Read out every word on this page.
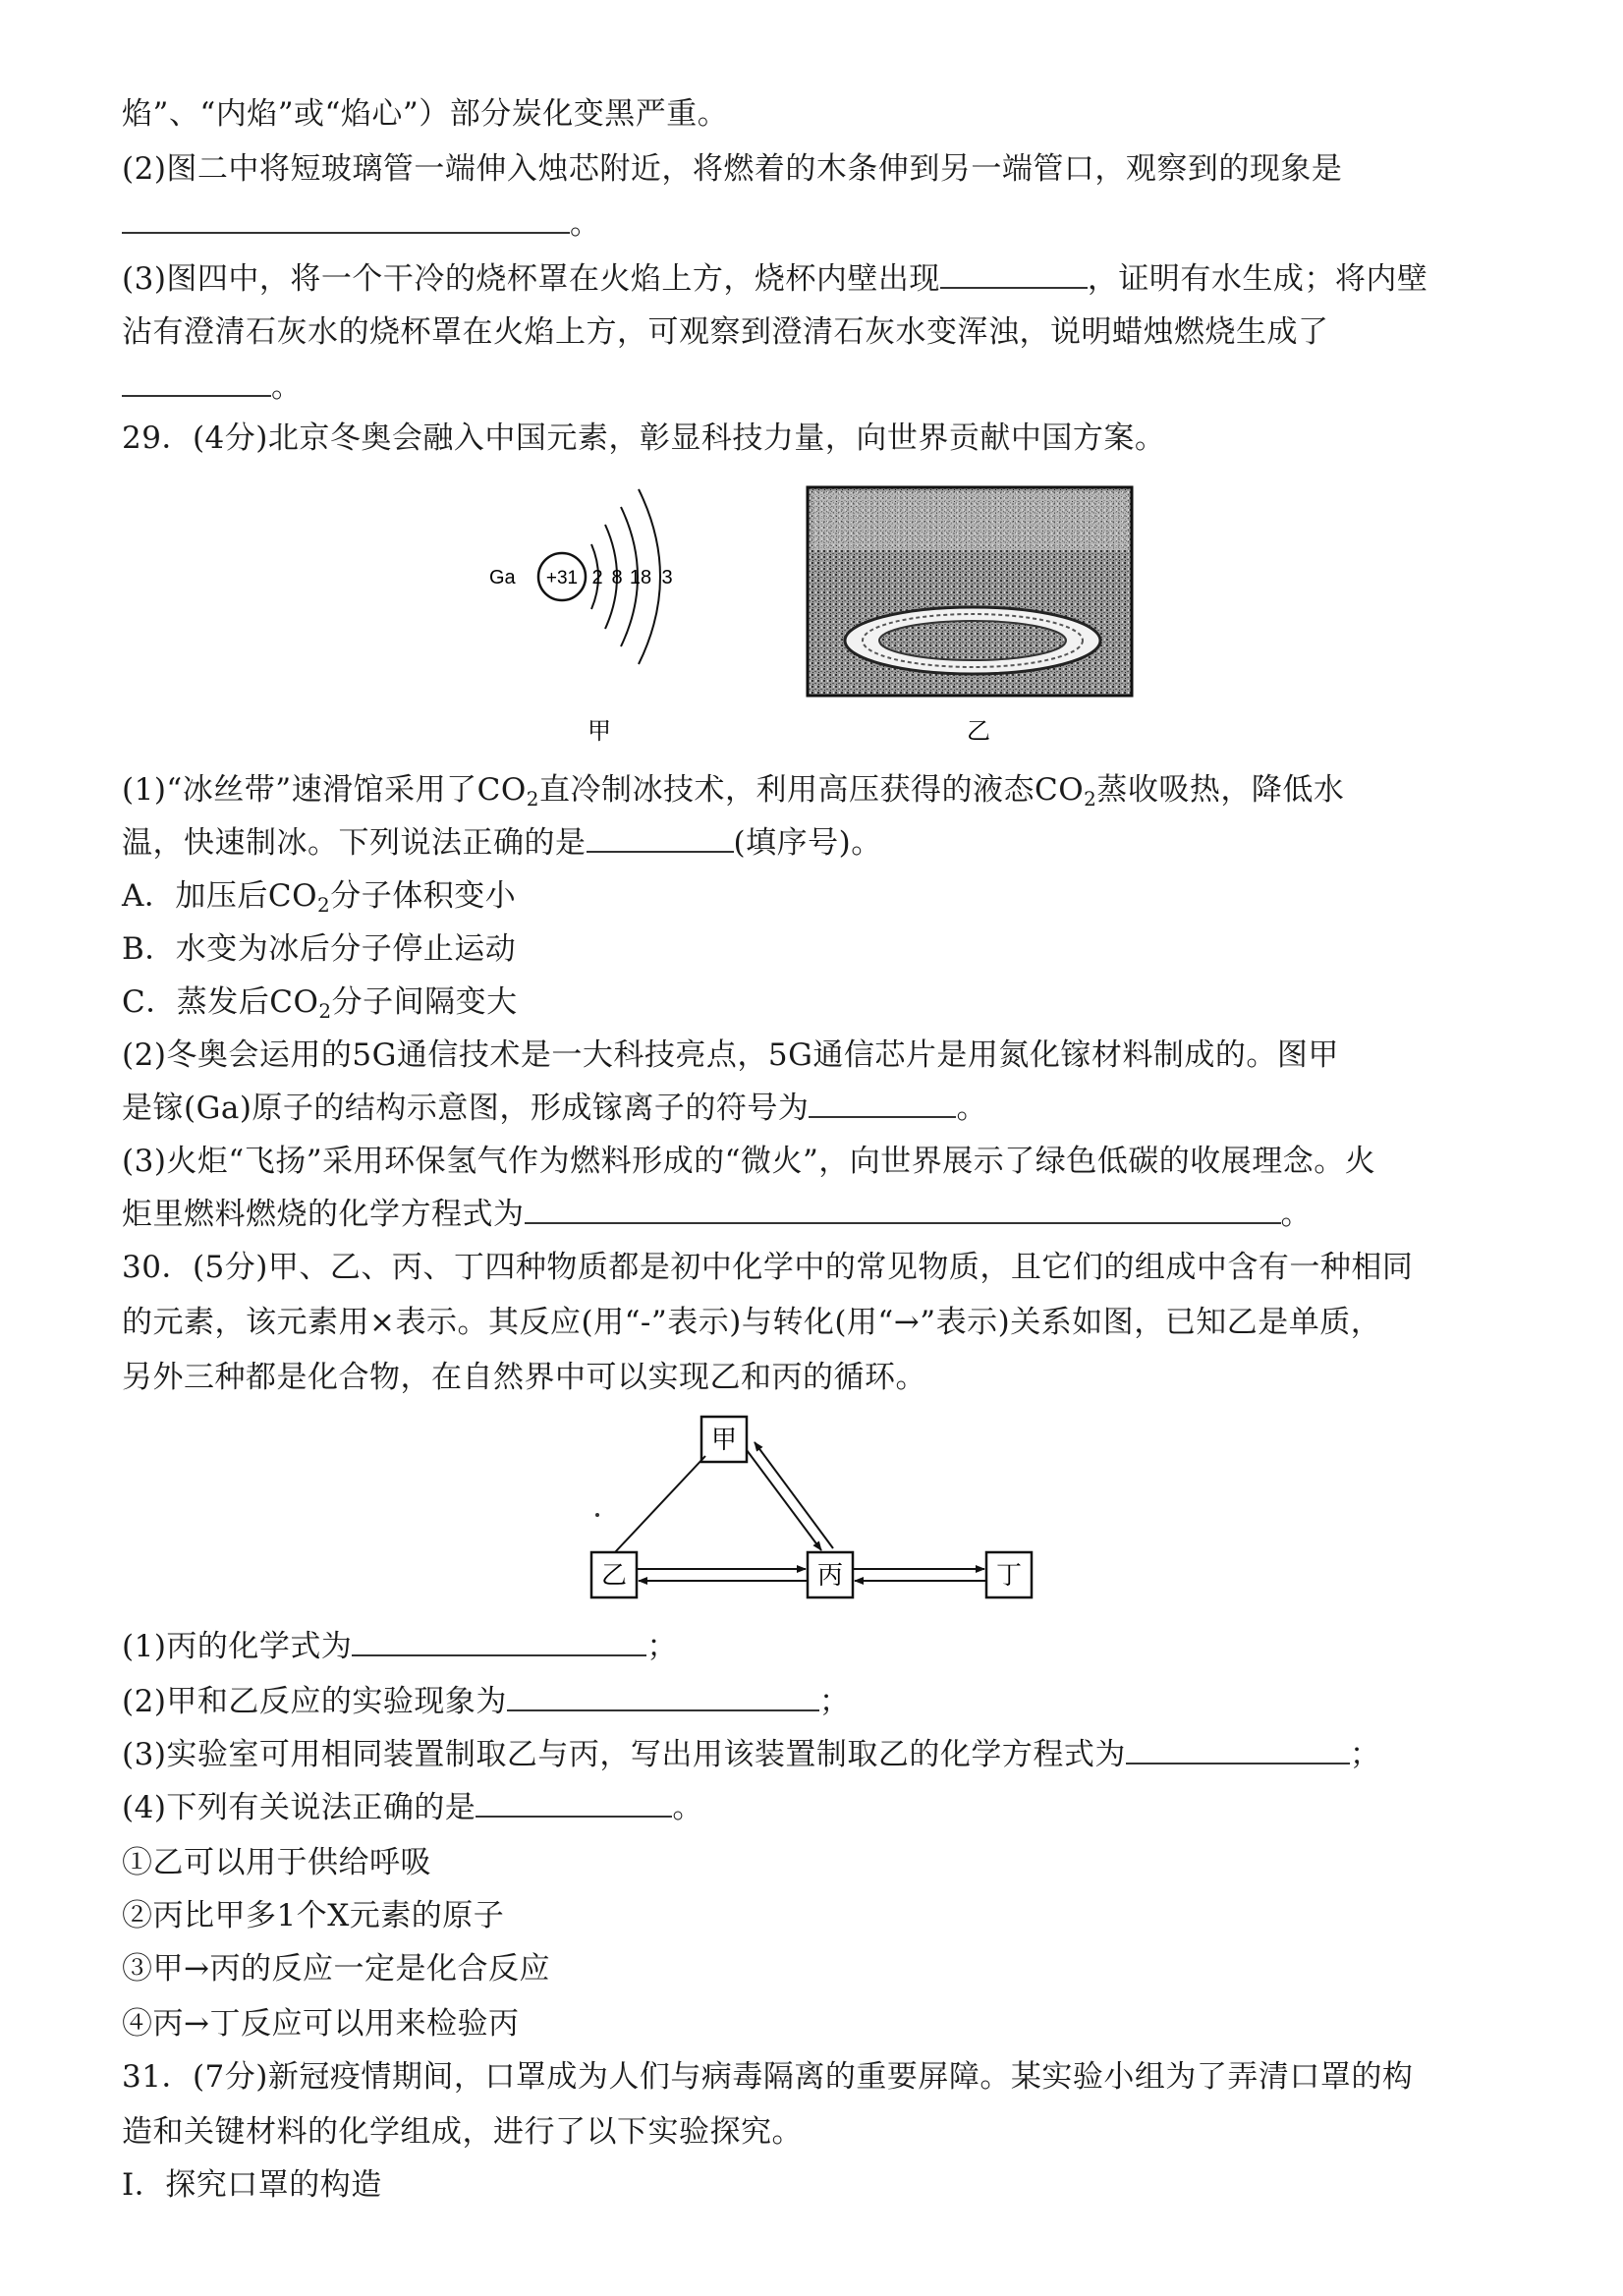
焰”、“内焰”或“焰心”）部分炭化变黑严重。
(2)图二中将短玻璃管一端伸入烛芯附近，将燃着的木条伸到另一端管口，观察到的现象是
。
(3)图四中，将一个干冷的烧杯罩在火焰上方，烧杯内壁出现	，证明有水生成；将内壁
沾有澄清石灰水的烧杯罩在火焰上方，可观察到澄清石灰水变浑浊，说明蜡烛燃烧生成了
。
29．(4分)北京冬奥会融入中国元素，彰显科技力量，向世界贡献中国方案。
Ga +31 2 8 18 3
甲	乙
(1)“冰丝带”速滑馆采用了$CO_2$直冷制冰技术，利用高压获得的液态$CO_2$蒸收吸热，降低水
温，快速制冰。下列说法正确的是	(填序号)。
A．加压后$CO_2$分子体积变小
B．水变为冰后分子停止运动
C．蒸发后$CO_2$分子间隔变大
(2)冬奥会运用的5G通信技术是一大科技亮点，5G通信芯片是用氮化镓材料制成的。图甲
是镓(Ga)原子的结构示意图，形成镓离子的符号为	。
(3)火炬“飞扬”采用环保氢气作为燃料形成的“微火”，向世界展示了绿色低碳的收展理念。火
炬里燃料燃烧的化学方程式为	。
30．(5分)甲、乙、丙、丁四种物质都是初中化学中的常见物质，且它们的组成中含有一种相同
的元素，该元素用×表示。其反应(用“-”表示)与转化(用“→”表示)关系如图，已知乙是单质，
另外三种都是化合物，在自然界中可以实现乙和丙的循环。
甲
乙	丙	丁
(1)丙的化学式为	；
(2)甲和乙反应的实验现象为	；
(3)实验室可用相同装置制取乙与丙，写出用该装置制取乙的化学方程式为	；
(4)下列有关说法正确的是	。
①乙可以用于供给呼吸
②丙比甲多1个X元素的原子
③甲→丙的反应一定是化合反应
④丙→丁反应可以用来检验丙
31．(7分)新冠疫情期间，口罩成为人们与病毒隔离的重要屏障。某实验小组为了弄清口罩的构
造和关键材料的化学组成，进行了以下实验探究。
Ⅰ．探究口罩的构造
